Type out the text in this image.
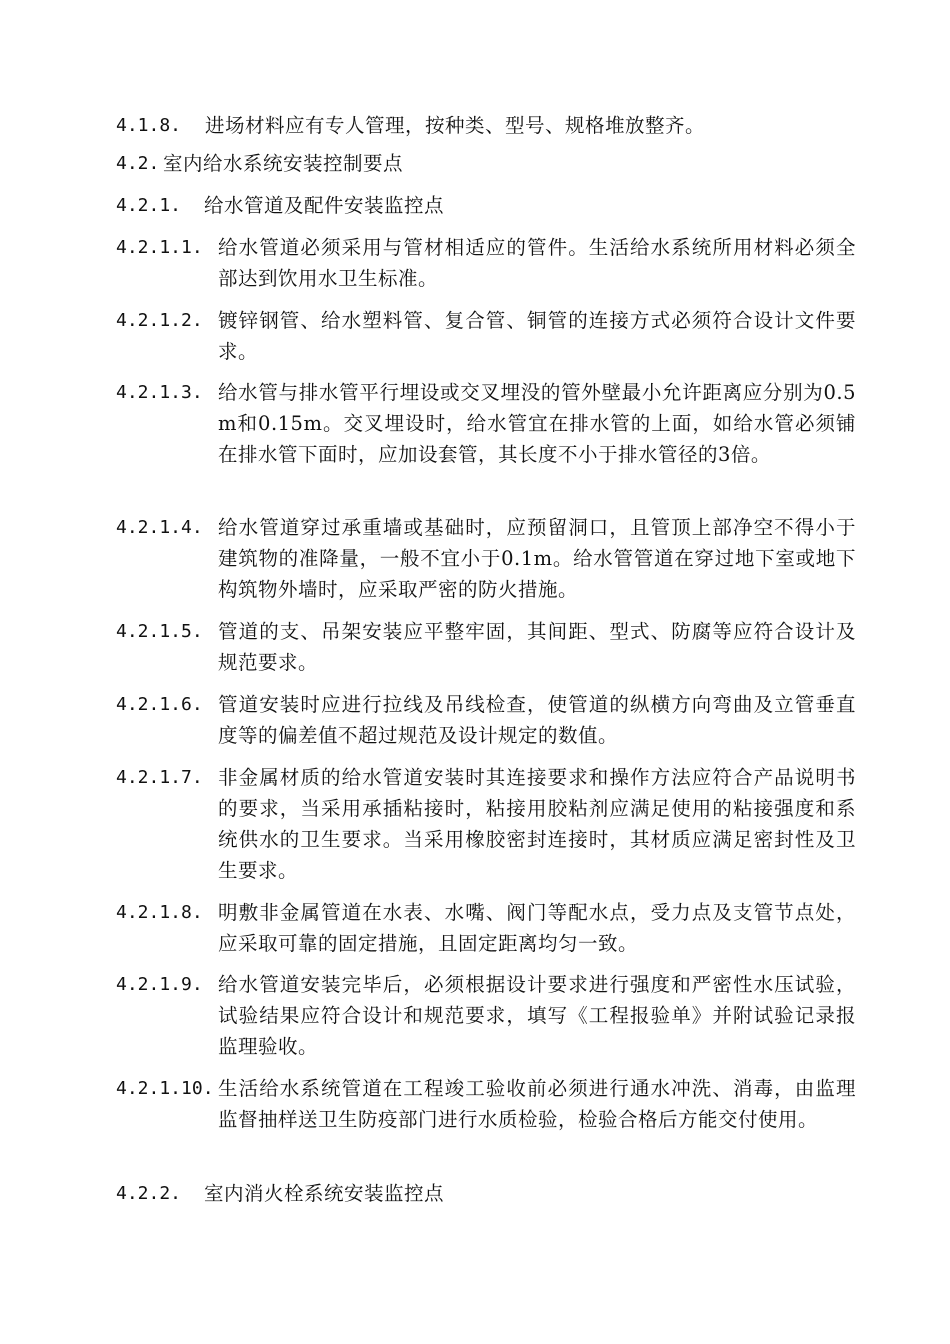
4.1.8.	进场材料应有专人管理，按种类、型号、规格堆放整齐。
4.2. 室内给水系统安装控制要点
4.2.1.	给水管道及配件安装监控点
4.2.1.1. 给水管道必须采用与管材相适应的管件。生活给水系统所用材料必须全部达到饮用水卫生标准。
4.2.1.2. 镀锌钢管、给水塑料管、复合管、铜管的连接方式必须符合设计文件要求。
4.2.1.3. 给水管与排水管平行埋设或交叉埋没的管外壁最小允许距离应分别为0.5m和0.15m。交叉埋设时，给水管宜在排水管的上面，如给水管必须铺在排水管下面时，应加设套管，其长度不小于排水管径的3倍。
4.2.1.4. 给水管道穿过承重墙或基础时，应预留洞口，且管顶上部净空不得小于建筑物的准降量，一般不宜小于0.1m。给水管管道在穿过地下室或地下构筑物外墙时，应采取严密的防火措施。
4.2.1.5. 管道的支、吊架安装应平整牢固，其间距、型式、防腐等应符合设计及规范要求。
4.2.1.6. 管道安装时应进行拉线及吊线检查，使管道的纵横方向弯曲及立管垂直度等的偏差值不超过规范及设计规定的数值。
4.2.1.7. 非金属材质的给水管道安装时其连接要求和操作方法应符合产品说明书的要求，当采用承插粘接时，粘接用胶粘剂应满足使用的粘接强度和系统供水的卫生要求。当采用橡胶密封连接时，其材质应满足密封性及卫生要求。
4.2.1.8. 明敷非金属管道在水表、水嘴、阀门等配水点，受力点及支管节点处，应采取可靠的固定措施，且固定距离均匀一致。
4.2.1.9. 给水管道安装完毕后，必须根据设计要求进行强度和严密性水压试验，试验结果应符合设计和规范要求，填写《工程报验单》并附试验记录报监理验收。
4.2.1.10. 生活给水系统管道在工程竣工验收前必须进行通水冲洗、消毒，由监理监督抽样送卫生防疫部门进行水质检验，检验合格后方能交付使用。
4.2.2.	室内消火栓系统安装监控点
